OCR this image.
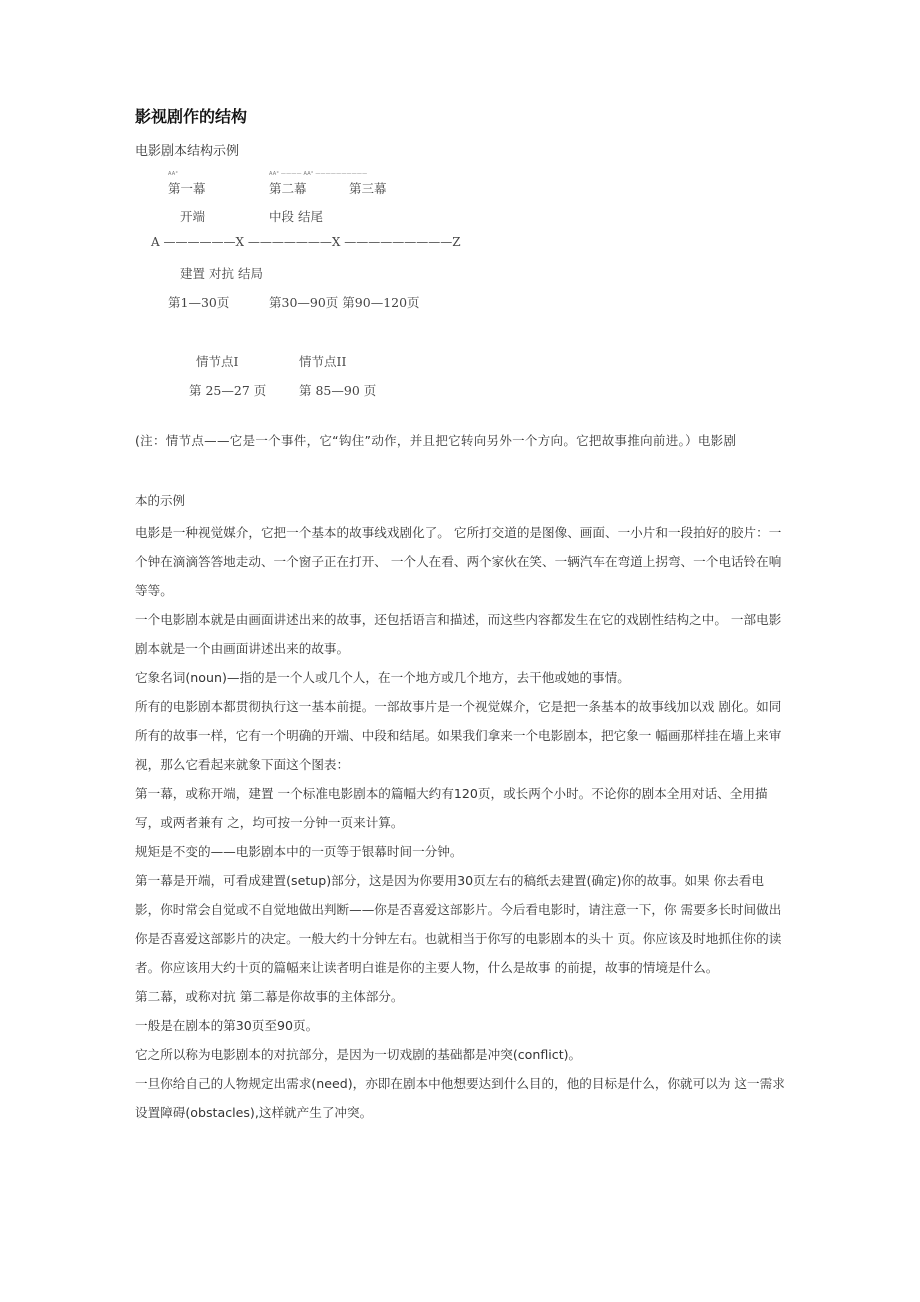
影视剧作的结构
电影剧本结构示例
AA°	AA° ———— AA° ——————————
第一幕	第二幕	第三幕
开端	中段 结尾
A ——————X ———————X —————————Z
建置 对抗 结局
第1—30页	第30—90页 第90—120页
情节点I	情节点II
第 25—27 页	第 85—90 页
(注：情节点——它是一个事件，它“钩住”动作，并且把它转向另外一个方向。它把故事推向前进。）电影剧
本的示例

电影是一种视觉媒介，它把一个基本的故事线戏剧化了。 它所打交道的是图像、画面、一小片和一段拍好的胶片：一个钟在滴滴答答地走动、一个窗子正在打开、 一个人在看、两个家伙在笑、一辆汽车在弯道上拐弯、一个电话铃在响等等。

一个电影剧本就是由画面讲述出来的故事，还包括语言和描述，而这些内容都发生在它的戏剧性结构之中。 一部电影剧本就是一个由画面讲述出来的故事。

它象名词(noun)—指的是一个人或几个人，在一个地方或几个地方，去干他或她的事情。

所有的电影剧本都贯彻执行这一基本前提。一部故事片是一个视觉媒介，它是把一条基本的故事线加以戏 剧化。如同所有的故事一样，它有一个明确的开端、中段和结尾。如果我们拿来一个电影剧本，把它象一 幅画那样挂在墙上来审视，那么它看起来就象下面这个图表：

第一幕，或称开端，建置 一个标准电影剧本的篇幅大约有120页，或长两个小时。不论你的剧本全用对话、全用描写，或两者兼有 之，均可按一分钟一页来计算。

规矩是不变的——电影剧本中的一页等于银幕时间一分钟。

第一幕是开端，可看成建置(setup)部分，这是因为你要用30页左右的稿纸去建置(确定)你的故事。如果 你去看电影，你时常会自觉或不自觉地做出判断——你是否喜爱这部影片。今后看电影时，请注意一下，你 需要多长时间做出你是否喜爱这部影片的决定。一般大约十分钟左右。也就相当于你写的电影剧本的头十 页。你应该及时地抓住你的读者。你应该用大约十页的篇幅来让读者明白谁是你的主要人物，什么是故事 的前提，故事的情境是什么。

第二幕，或称对抗 第二幕是你故事的主体部分。

一般是在剧本的第30页至90页。

它之所以称为电影剧本的对抗部分，是因为一切戏剧的基础都是冲突(conflict)。

一旦你给自己的人物规定出需求(need)，亦即在剧本中他想要达到什么目的，他的目标是什么，你就可以为 这一需求设置障碍(obstacles),这样就产生了冲突。
